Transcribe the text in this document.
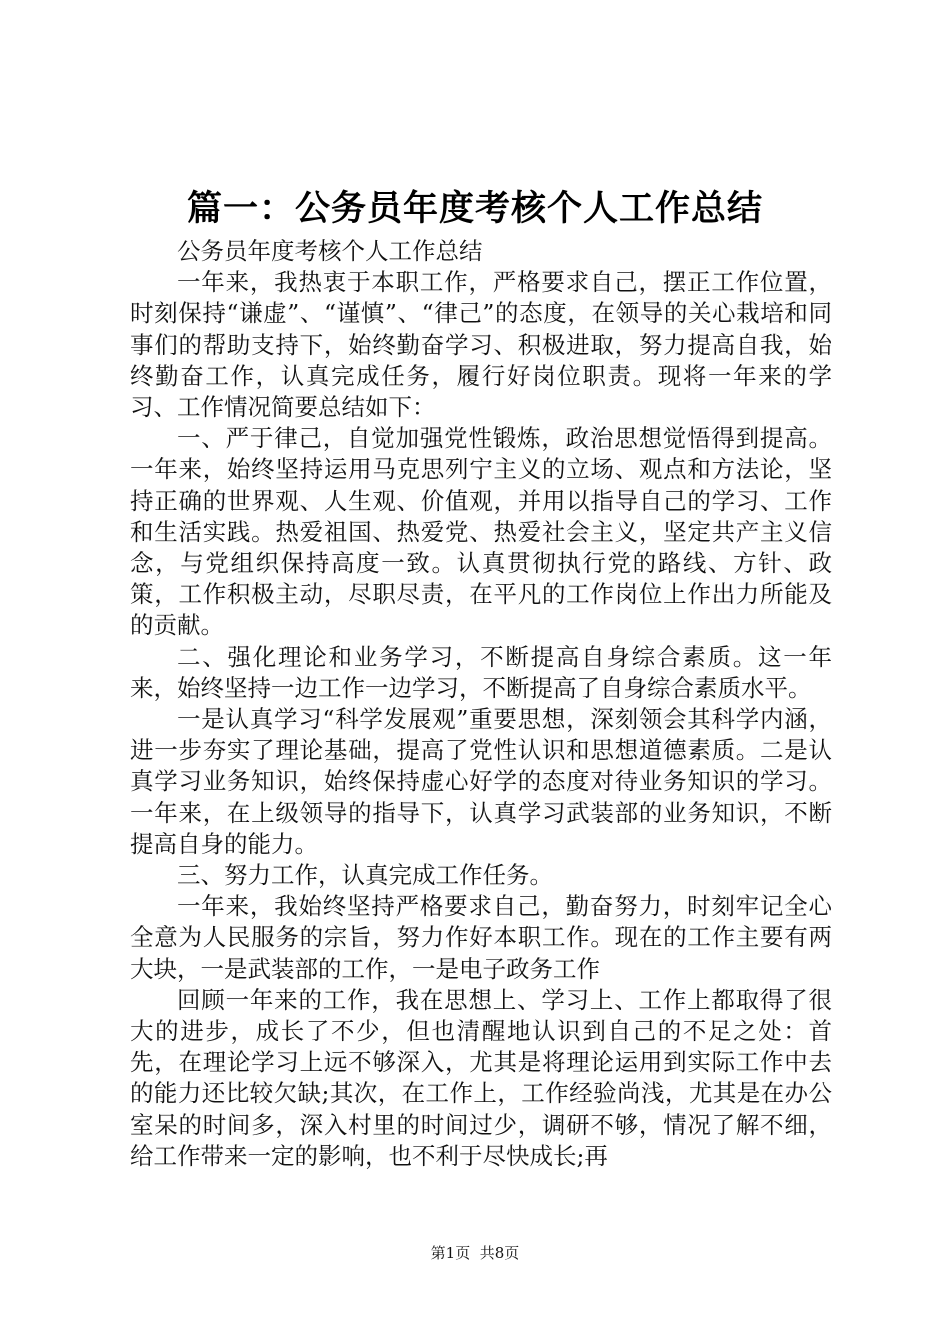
篇一：公务员年度考核个人工作总结

公务员年度考核个人工作总结

一年来，我热衷于本职工作，严格要求自己，摆正工作位置，时刻保持“谦虚”、“谨慎”、“律己”的态度，在领导的关心栽培和同事们的帮助支持下，始终勤奋学习、积极进取，努力提高自我，始终勤奋工作，认真完成任务，履行好岗位职责。现将一年来的学习、工作情况简要总结如下：

一、严于律己，自觉加强党性锻炼，政治思想觉悟得到提高。一年来，始终坚持运用马克思列宁主义的立场、观点和方法论，坚持正确的世界观、人生观、价值观，并用以指导自己的学习、工作和生活实践。热爱祖国、热爱党、热爱社会主义，坚定共产主义信念，与党组织保持高度一致。认真贯彻执行党的路线、方针、政策，工作积极主动，尽职尽责，在平凡的工作岗位上作出力所能及的贡献。

二、强化理论和业务学习，不断提高自身综合素质。这一年来，始终坚持一边工作一边学习，不断提高了自身综合素质水平。

一是认真学习“科学发展观”重要思想，深刻领会其科学内涵，进一步夯实了理论基础，提高了党性认识和思想道德素质。二是认真学习业务知识，始终保持虚心好学的态度对待业务知识的学习。一年来，在上级领导的指导下，认真学习武装部的业务知识，不断提高自身的能力。

三、努力工作，认真完成工作任务。

一年来，我始终坚持严格要求自己，勤奋努力，时刻牢记全心全意为人民服务的宗旨，努力作好本职工作。现在的工作主要有两大块，一是武装部的工作，一是电子政务工作

回顾一年来的工作，我在思想上、学习上、工作上都取得了很大的进步，成长了不少，但也清醒地认识到自己的不足之处：首先，在理论学习上远不够深入，尤其是将理论运用到实际工作中去的能力还比较欠缺;其次，在工作上，工作经验尚浅，尤其是在办公室呆的时间多，深入村里的时间过少，调研不够，情况了解不细，给工作带来一定的影响，也不利于尽快成长;再

第1页 共8页
